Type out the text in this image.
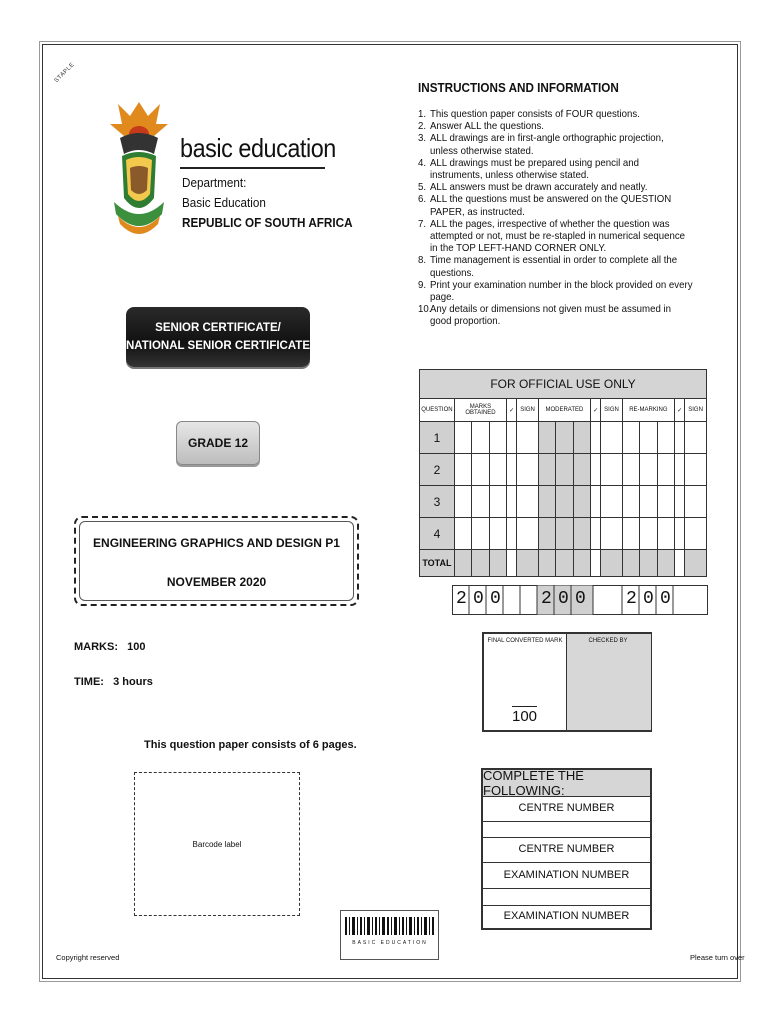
STAPLE
basic education
Department:
Basic Education
REPUBLIC OF SOUTH AFRICA
INSTRUCTIONS AND INFORMATION
1. This question paper consists of FOUR questions.
2. Answer ALL the questions.
3. ALL drawings are in first-angle orthographic projection, unless otherwise stated.
4. ALL drawings must be prepared using pencil and instruments, unless otherwise stated.
5. ALL answers must be drawn accurately and neatly.
6. ALL the questions must be answered on the QUESTION PAPER, as instructed.
7. ALL the pages, irrespective of whether the question was attempted or not, must be re-stapled in numerical sequence in the TOP LEFT-HAND CORNER ONLY.
8. Time management is essential in order to complete all the questions.
9. Print your examination number in the block provided on every page.
10.
Any details or dimensions not given must be assumed in good proportion.
SENIOR CERTIFICATE/
NATIONAL SENIOR CERTIFICATE
GRADE 12
ENGINEERING GRAPHICS AND DESIGN P1
NOVEMBER 2020
MARKS:   100
TIME:   3 hours
This question paper consists of 6 pages.
Barcode label
BASIC EDUCATION
FOR OFFICIAL USE ONLY															
QUESTION	MARKS OBTAINED			✓	SIGN	MODERATED			✓	SIGN	RE-MARKING			✓	SIGN
1															
2															
3															
4															
TOTAL															
2 0 0 2 0 0 2 0 0
FINAL CONVERTED MARK	CHECKED BY
100
COMPLETE THE FOLLOWING:
CENTRE NUMBER
CENTRE NUMBER
EXAMINATION NUMBER
EXAMINATION NUMBER
Copyright reserved	Please turn over
